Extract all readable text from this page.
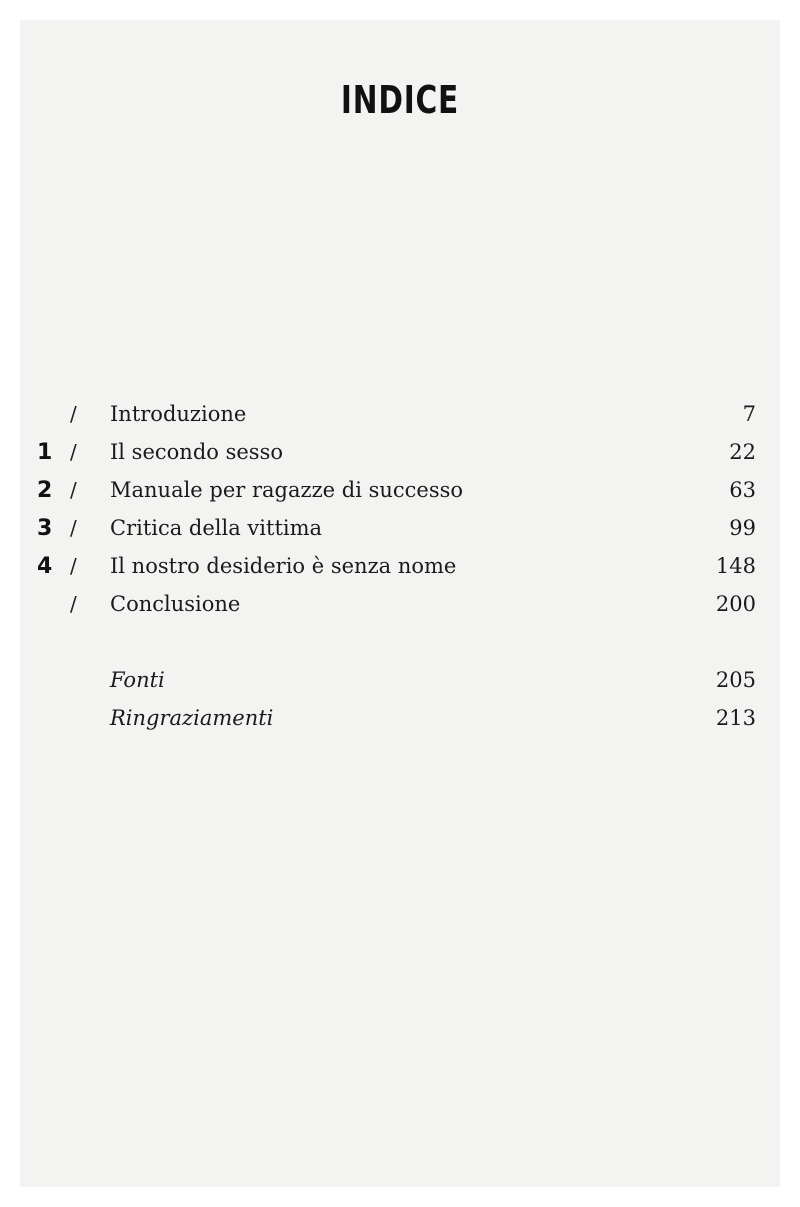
INDICE
/ Introduzione	7
1 / Il secondo sesso	22
2 / Manuale per ragazze di successo	63
3 / Critica della vittima	99
4 / Il nostro desiderio è senza nome	148
/ Conclusione	200
Fonti	205
Ringraziamenti	213
